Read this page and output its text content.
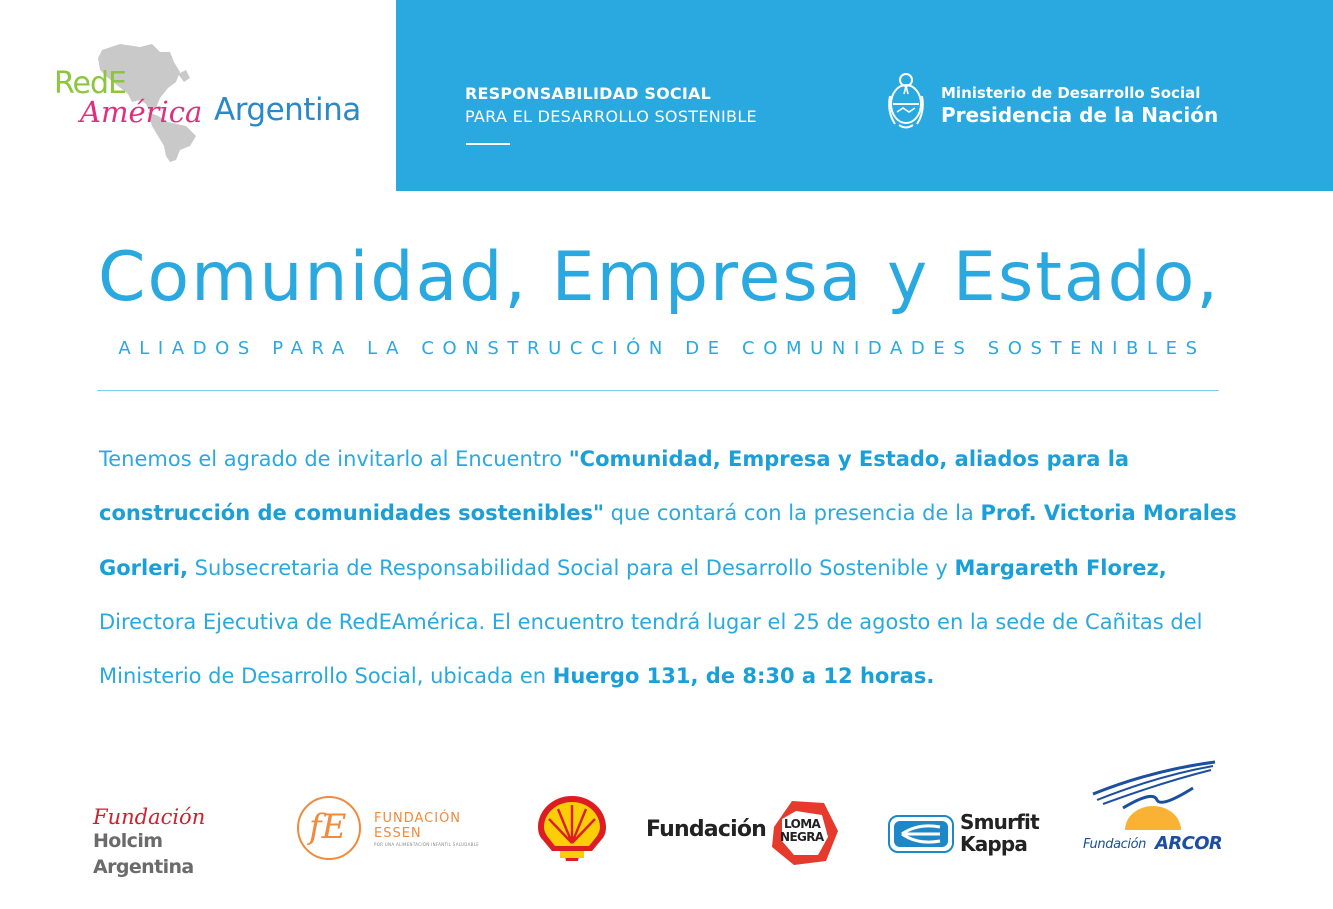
RedE
América Argentina	RESPONSABILIDAD SOCIAL
PARA EL DESARROLLO SOSTENIBLE
Ministerio de Desarrollo Social
Presidencia de la Nación
Comunidad, Empresa y Estado,
ALIADOS PARA LA CONSTRUCCIÓN DE COMUNIDADES SOSTENIBLES
Tenemos el agrado de invitarlo al Encuentro "Comunidad, Empresa y Estado, aliados para la construcción de comunidades sostenibles" que contará con la presencia de la Prof. Victoria Morales Gorleri, Subsecretaria de Responsabilidad Social para el Desarrollo Sostenible y Margareth Florez, Directora Ejecutiva de RedEAmérica. El encuentro tendrá lugar el 25 de agosto en la sede de Cañitas del Ministerio de Desarrollo Social, ubicada en Huergo 131, de 8:30 a 12 horas.
Fundación
Holcim Argentina
fE FUNDACIÓN
ESSEN
POR UNA ALIMENTACIÓN INFANTIL SALUDABLE
Fundación LOMA
NEGRA
Smurfit
Kappa	Fundación ARCOR
